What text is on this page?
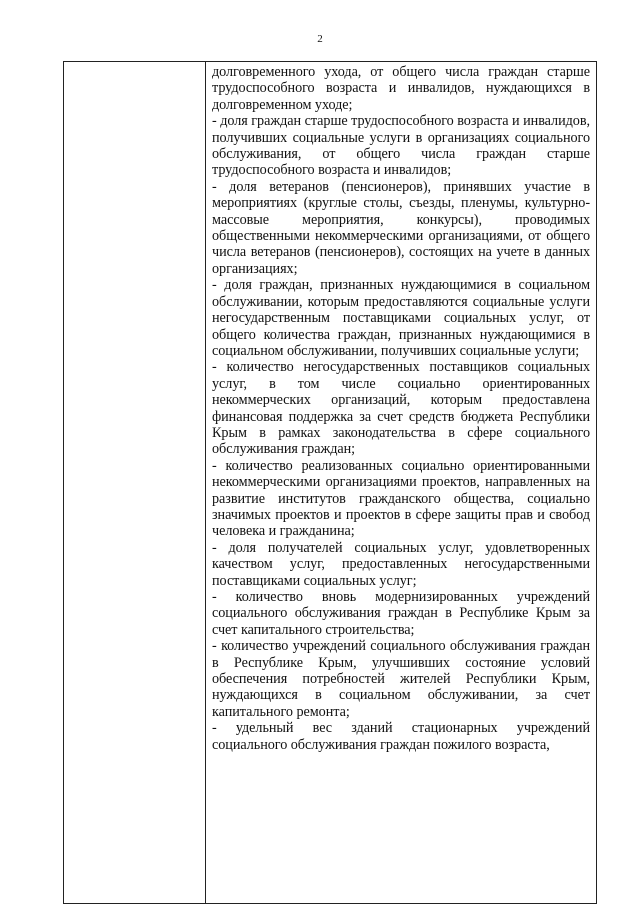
2

долговременного ухода, от общего числа граждан старше трудоспособного возраста и инвалидов, нуждающихся в долговременном уходе;

- доля граждан старше трудоспособного возраста и инвалидов, получивших социальные услуги в организациях социального обслуживания, от общего числа граждан старше трудоспособного возраста и инвалидов;

- доля ветеранов (пенсионеров), принявших участие в мероприятиях (круглые столы, съезды, пленумы, культурно-массовые мероприятия, конкурсы), проводимых общественными некоммерческими организациями, от общего числа ветеранов (пенсионеров), состоящих на учете в данных организациях;

- доля граждан, признанных нуждающимися в социальном обслуживании, которым предоставляются социальные услуги негосударственным поставщиками социальных услуг, от общего количества граждан, признанных нуждающимися в социальном обслуживании, получивших социальные услуги;

- количество негосударственных поставщиков социальных услуг, в том числе социально ориентированных некоммерческих организаций, которым предоставлена финансовая поддержка за счет средств бюджета Республики Крым в рамках законодательства в сфере социального обслуживания граждан;

- количество реализованных социально ориентированными некоммерческими организациями проектов, направленных на развитие институтов гражданского общества, социально значимых проектов и проектов в сфере защиты прав и свобод человека и гражданина;

- доля получателей социальных услуг, удовлетворенных качеством услуг, предоставленных негосударственными поставщиками социальных услуг;

- количество вновь модернизированных учреждений социального обслуживания граждан в Республике Крым за счет капитального строительства;

- количество учреждений социального обслуживания граждан в Республике Крым, улучшивших состояние условий обеспечения потребностей жителей Республики Крым, нуждающихся в социальном обслуживании, за счет капитального ремонта;

- удельный вес зданий стационарных учреждений социального обслуживания граждан пожилого возраста,
